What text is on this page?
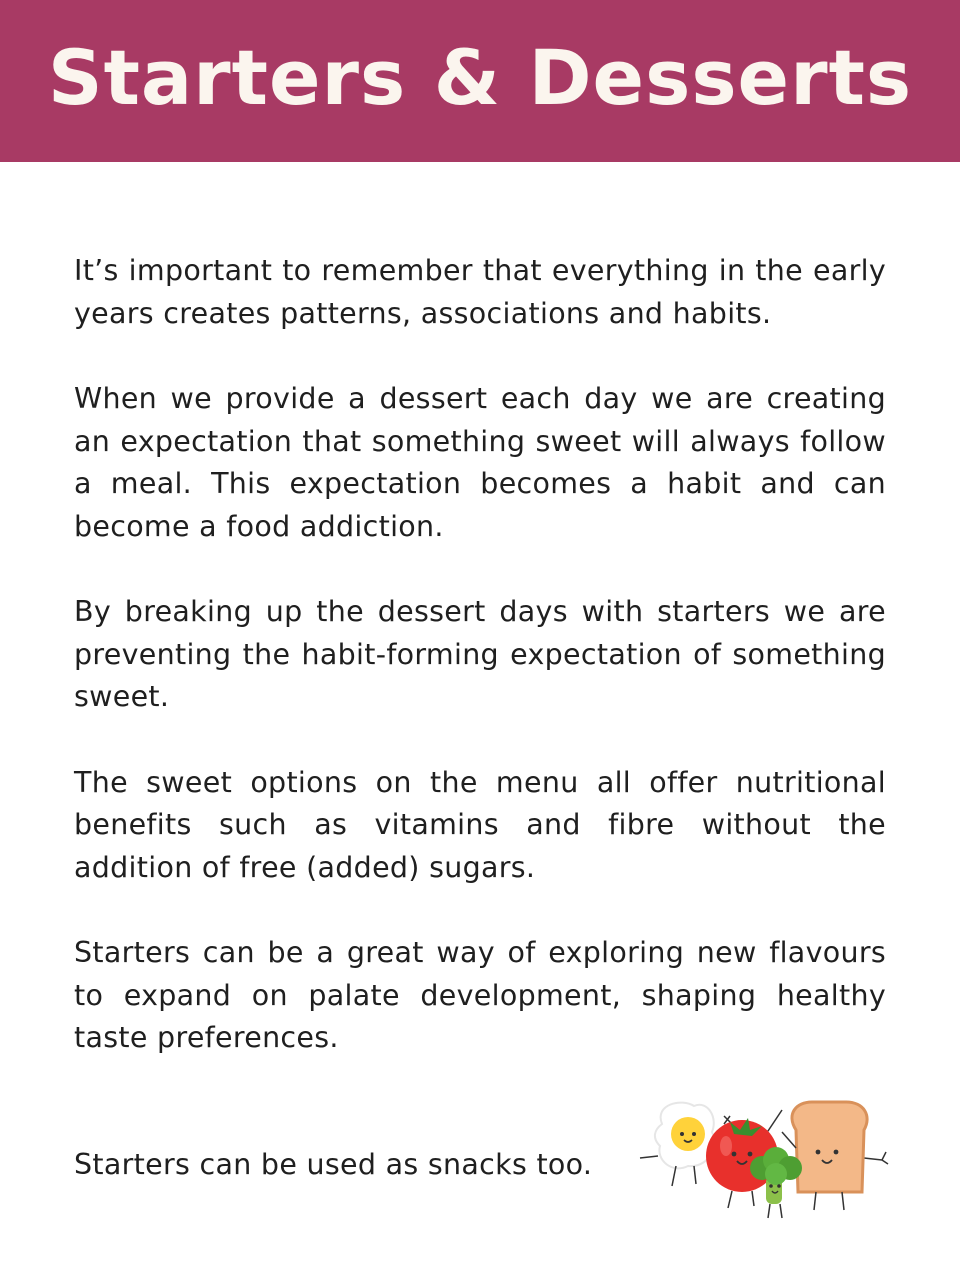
Starters & Desserts

It’s important to remember that everything in the early years creates patterns, associations and habits.

When we provide a dessert each day we are creating an expectation that something sweet will always follow a meal. This expectation becomes a habit and can become a food addiction.

By breaking up the dessert days with starters we are preventing the habit-forming expectation of something sweet.

The sweet options on the menu all offer nutritional benefits such as vitamins and fibre without the addition of free (added) sugars.

Starters can be a great way of exploring new flavours to expand on palate development, shaping healthy taste preferences.

Starters can be used as snacks too.
